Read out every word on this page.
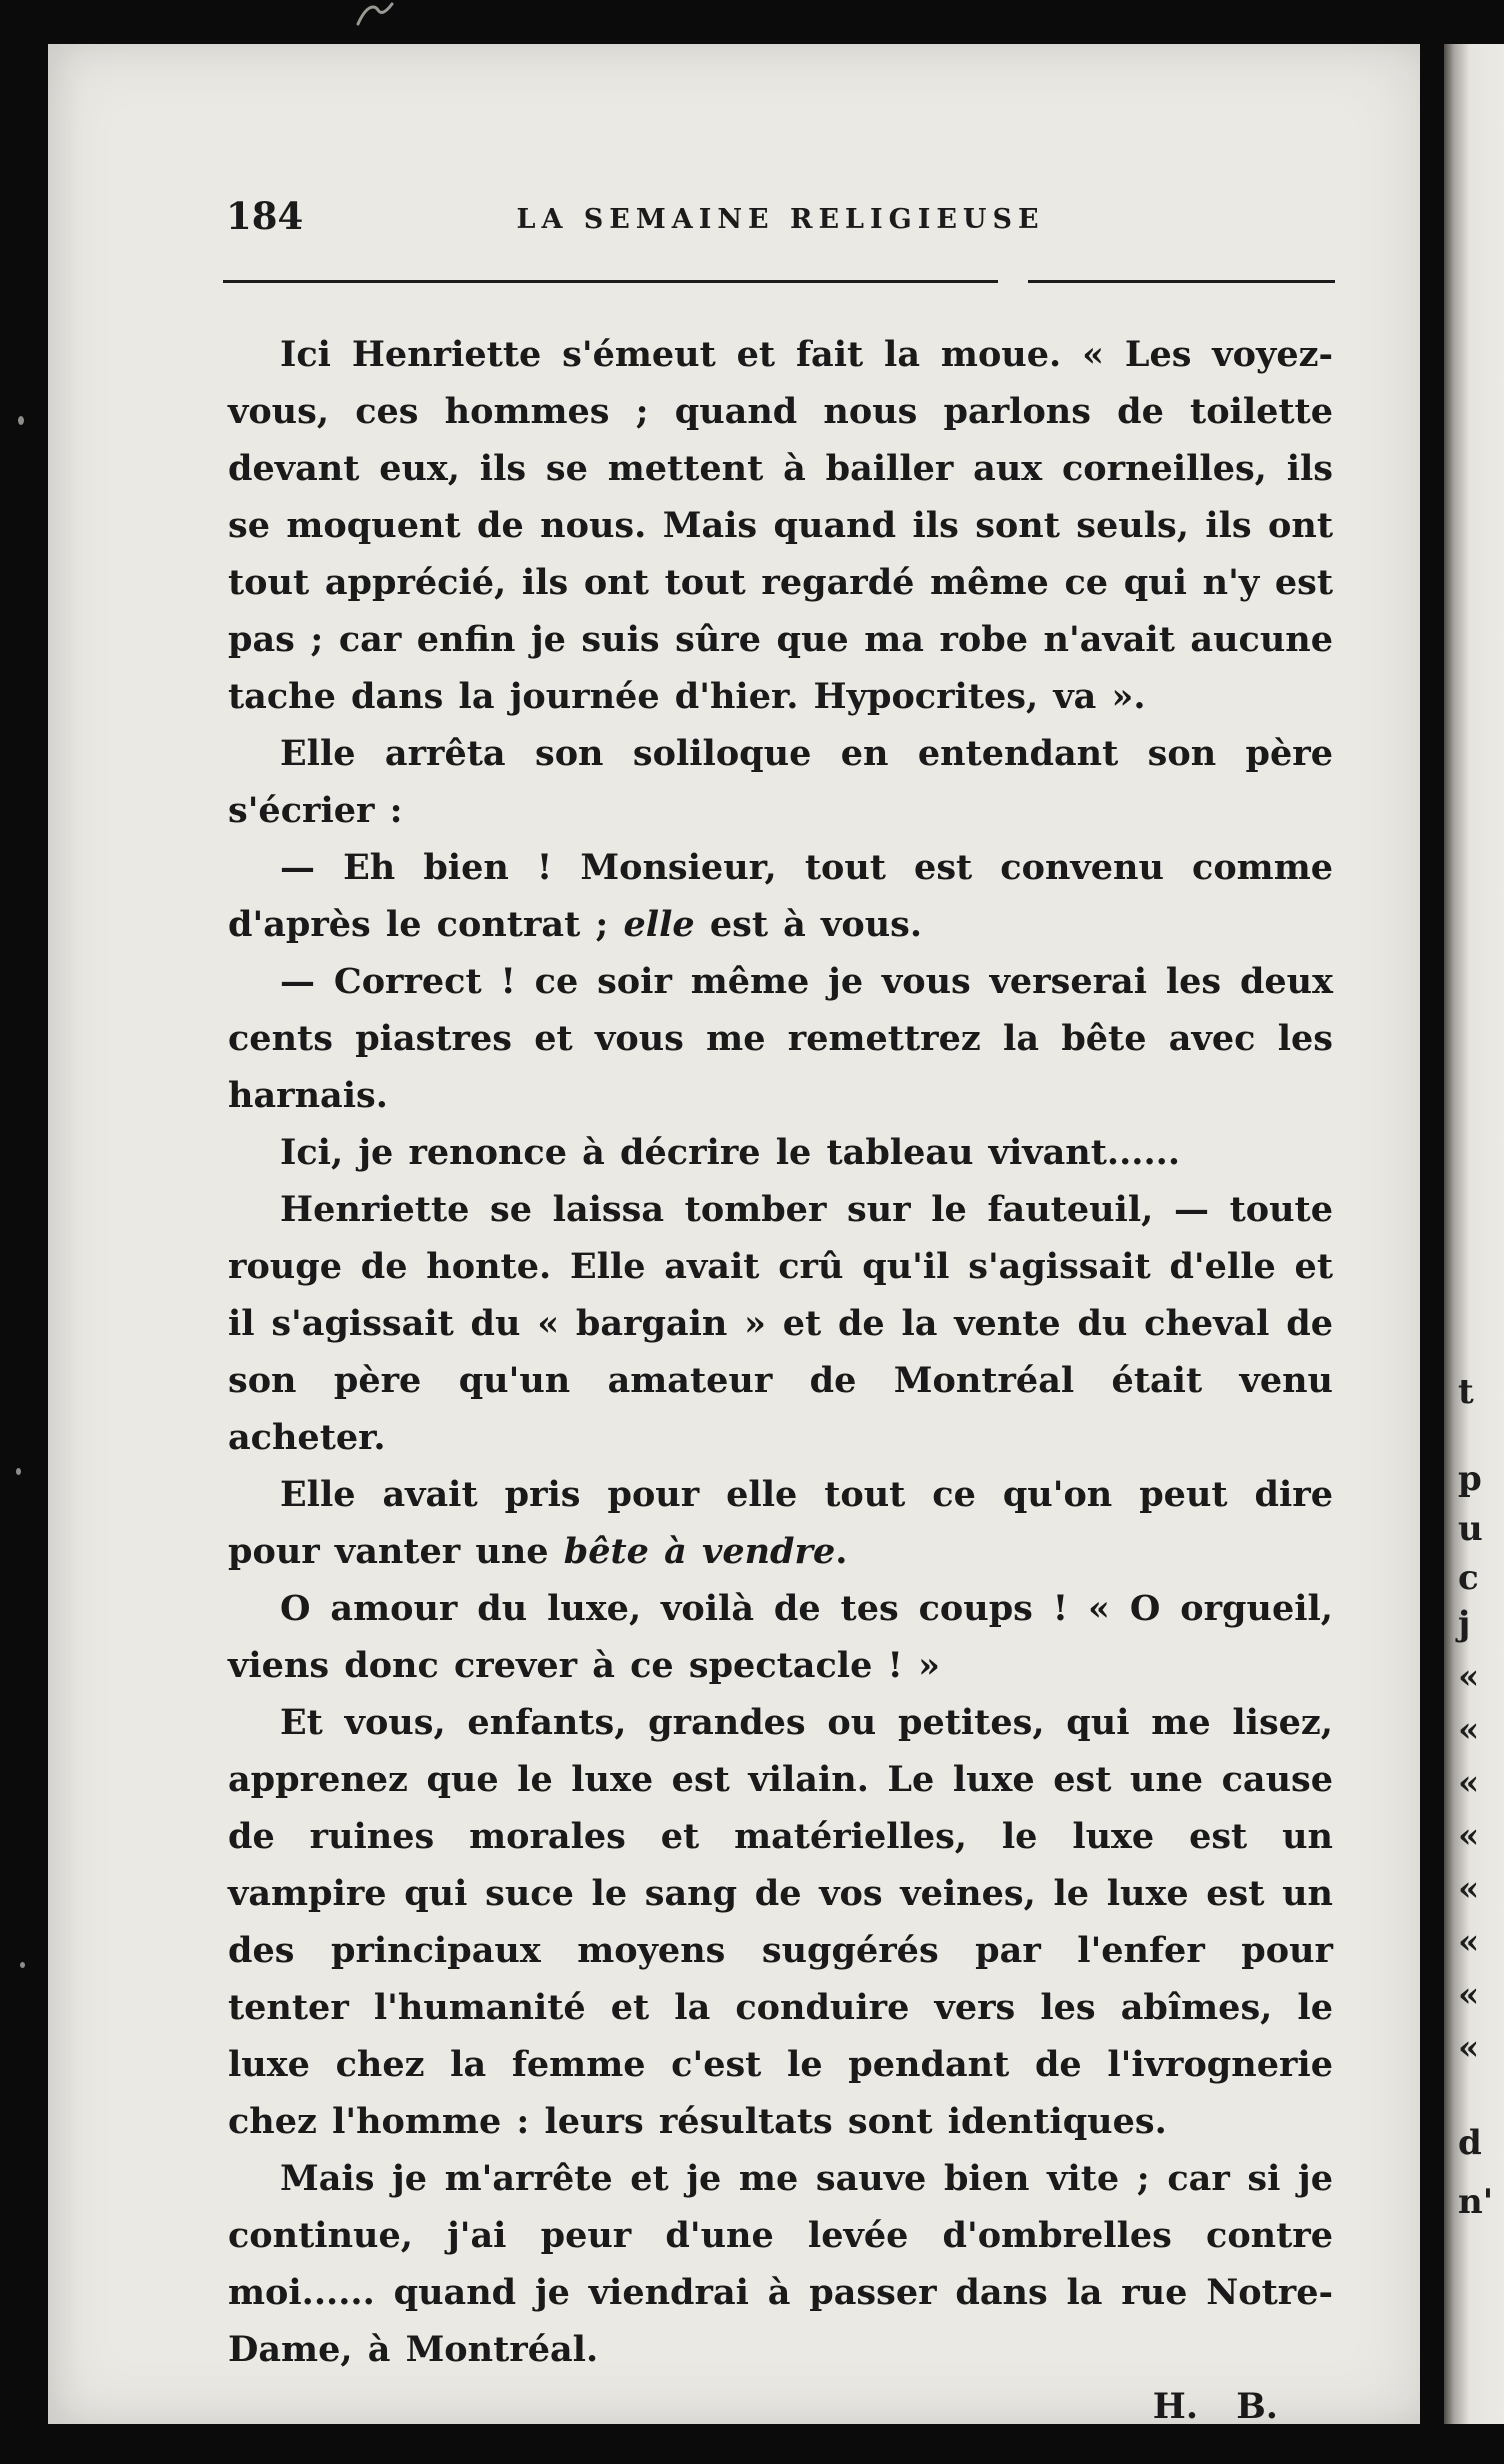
184	LA SEMAINE RELIGIEUSE

Ici Henriette s'émeut et fait la moue. « Les voyez-vous, ces hommes ; quand nous parlons de toilette devant eux, ils se mettent à bailler aux corneilles, ils se moquent de nous. Mais quand ils sont seuls, ils ont tout apprécié, ils ont tout regardé même ce qui n'y est pas ; car enfin je suis sûre que ma robe n'avait aucune tache dans la journée d'hier. Hypocrites, va ».

Elle arrêta son soliloque en entendant son père s'écrier :

— Eh bien ! Monsieur, tout est convenu comme d'après le contrat ; elle est à vous.

— Correct ! ce soir même je vous verserai les deux cents piastres et vous me remettrez la bête avec les harnais.

Ici, je renonce à décrire le tableau vivant......

Henriette se laissa tomber sur le fauteuil, — toute rouge de honte. Elle avait crû qu'il s'agissait d'elle et il s'agissait du « bargain » et de la vente du cheval de son père qu'un amateur de Montréal était venu acheter.

Elle avait pris pour elle tout ce qu'on peut dire pour vanter une bête à vendre.

O amour du luxe, voilà de tes coups ! « O orgueil, viens donc crever à ce spectacle ! »

Et vous, enfants, grandes ou petites, qui me lisez, apprenez que le luxe est vilain. Le luxe est une cause de ruines morales et matérielles, le luxe est un vampire qui suce le sang de vos veines, le luxe est un des principaux moyens suggérés par l'enfer pour tenter l'humanité et la conduire vers les abîmes, le luxe chez la femme c'est le pendant de l'ivrognerie chez l'homme : leurs résultats sont identiques.

Mais je m'arrête et je me sauve bien vite ; car si je continue, j'ai peur d'une levée d'ombrelles contre moi...... quand je viendrai à passer dans la rue Notre-Dame, à Montréal.

H. B.
t
p
u
c
j
«
«
«
«
«
«
«
«
d
n'
